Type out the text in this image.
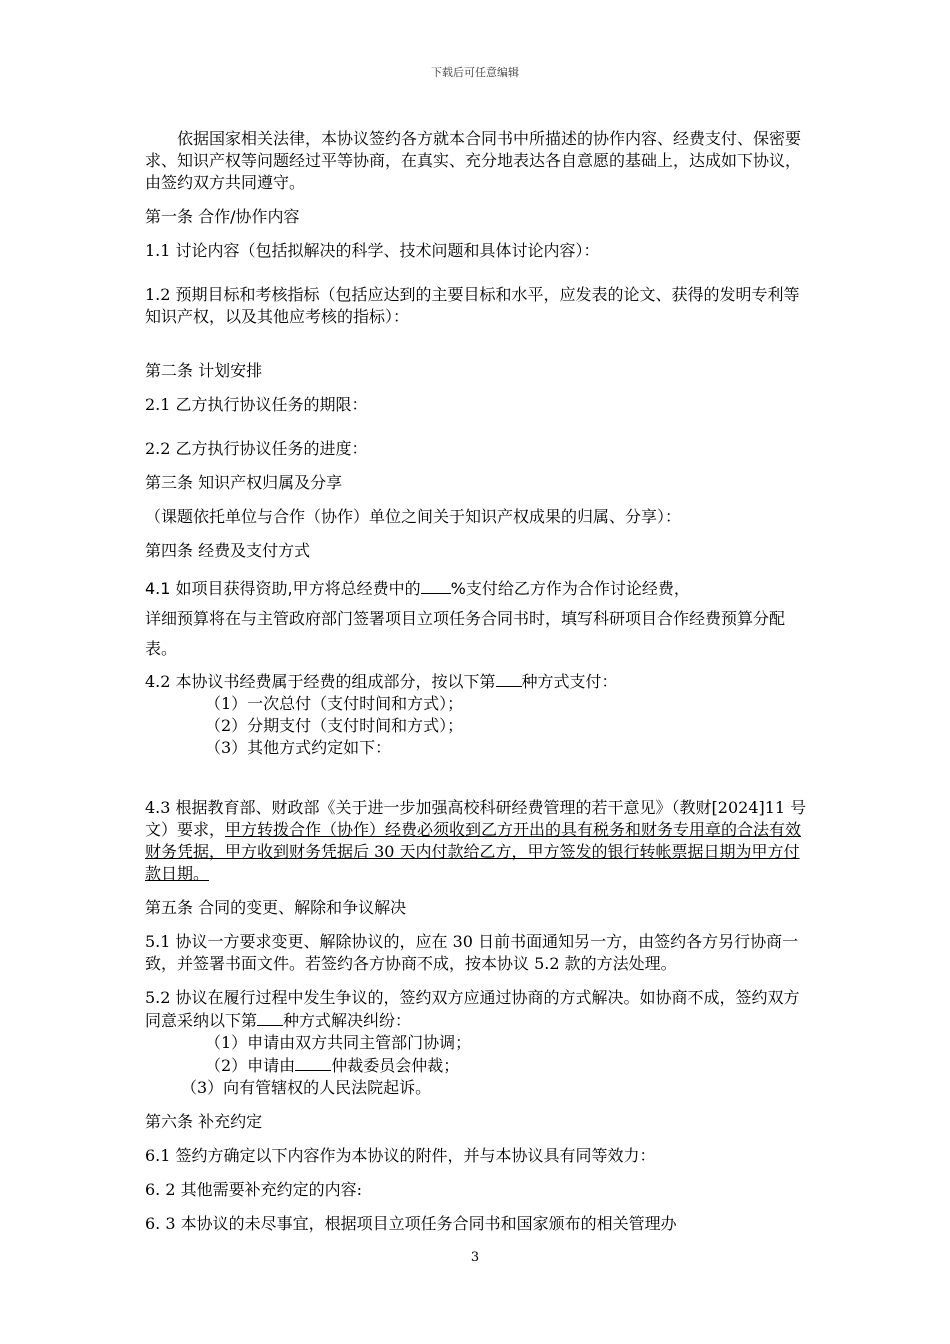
下载后可任意编辑

依据国家相关法律，本协议签约各方就本合同书中所描述的协作内容、经费支付、保密要求、知识产权等问题经过平等协商，在真实、充分地表达各自意愿的基础上，达成如下协议，由签约双方共同遵守。

第一条 合作/协作内容

1.1 讨论内容（包括拟解决的科学、技术问题和具体讨论内容）：

1.2 预期目标和考核指标（包括应达到的主要目标和水平，应发表的论文、获得的发明专利等知识产权，以及其他应考核的指标）：

第二条 计划安排

2.1 乙方执行协议任务的期限：

2.2 乙方执行协议任务的进度：

第三条 知识产权归属及分享

（课题依托单位与合作（协作）单位之间关于知识产权成果的归属、分享）：

第四条 经费及支付方式

4.1 如项目获得资助,甲方将总经费中的 %支付给乙方作为合作讨论经费，
详细预算将在与主管政府部门签署项目立项任务合同书时，填写科研项目合作经费预算分配表。

4.2 本协议书经费属于经费的组成部分，按以下第 种方式支付：

（1）一次总付（支付时间和方式）；

（2）分期支付（支付时间和方式）；

（3）其他方式约定如下：

4.3 根据教育部、财政部《关于进一步加强高校科研经费管理的若干意见》（教财[2024]11 号文）要求，甲方转拨合作（协作）经费必须收到乙方开出的具有税务和财务专用章的合法有效财务凭据，甲方收到财务凭据后 30 天内付款给乙方，甲方签发的银行转帐票据日期为甲方付款日期。

第五条 合同的变更、解除和争议解决

5.1 协议一方要求变更、解除协议的，应在 30 日前书面通知另一方，由签约各方另行协商一致，并签署书面文件。若签约各方协商不成，按本协议 5.2 款的方法处理。

5.2 协议在履行过程中发生争议的，签约双方应通过协商的方式解决。如协商不成，签约双方同意采纳以下第 种方式解决纠纷：

（1）申请由双方共同主管部门协调；

（2）申请由 仲裁委员会仲裁；

（3）向有管辖权的人民法院起诉。

第六条 补充约定

6.1 签约方确定以下内容作为本协议的附件，并与本协议具有同等效力：

6. 2 其他需要补充约定的内容:

6. 3 本协议的未尽事宜，根据项目立项任务合同书和国家颁布的相关管理办

3
